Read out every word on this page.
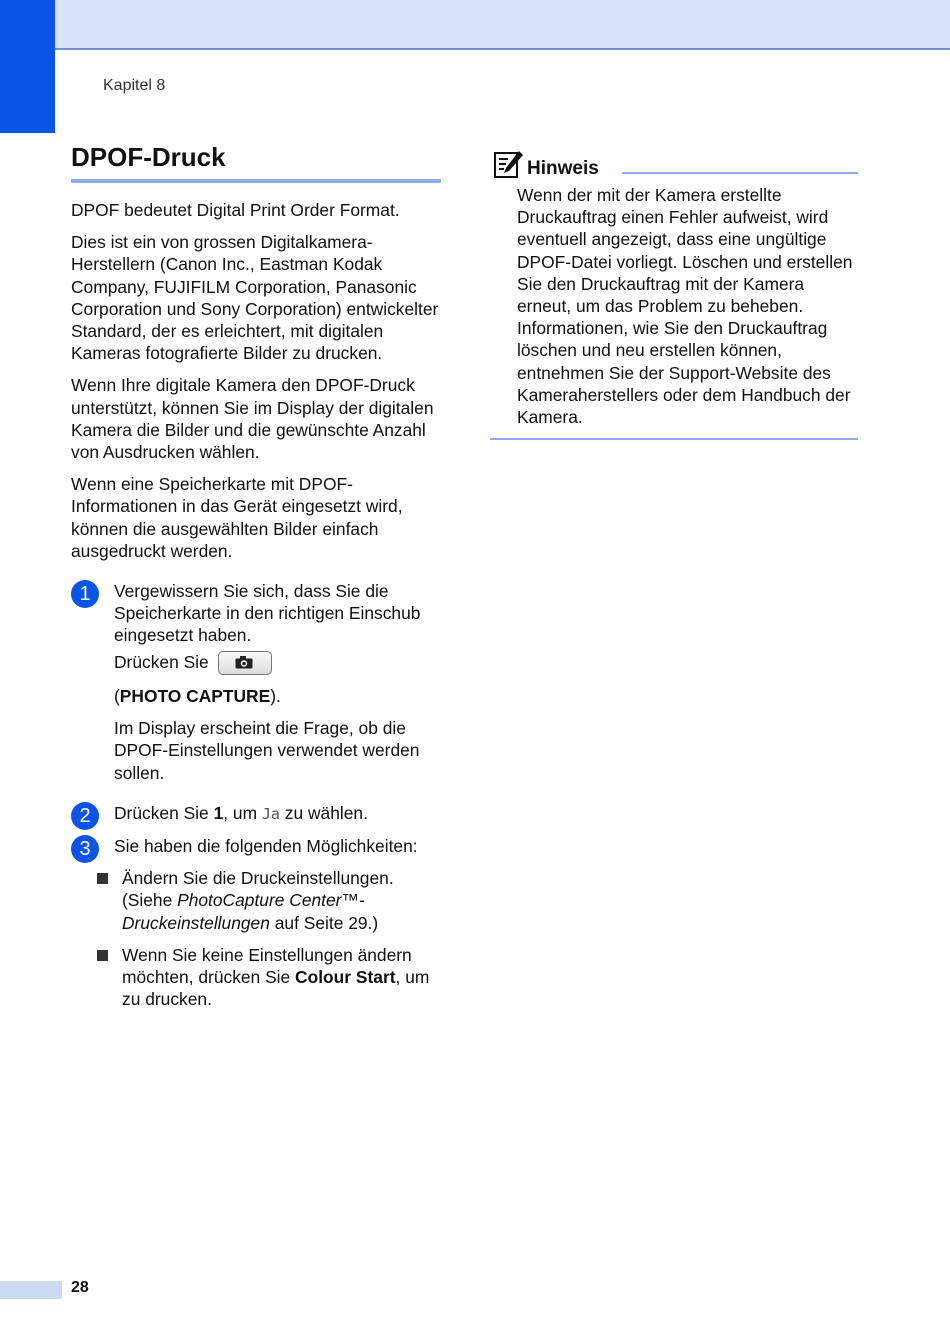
Kapitel 8
DPOF-Druck

DPOF bedeutet Digital Print Order Format.

Dies ist ein von grossen Digitalkamera-Herstellern (Canon Inc., Eastman Kodak Company, FUJIFILM Corporation, Panasonic Corporation und Sony Corporation) entwickelter Standard, der es erleichtert, mit digitalen Kameras fotografierte Bilder zu drucken.

Wenn Ihre digitale Kamera den DPOF-Druck unterstützt, können Sie im Display der digitalen Kamera die Bilder und die gewünschte Anzahl von Ausdrucken wählen.

Wenn eine Speicherkarte mit DPOF-Informationen in das Gerät eingesetzt wird, können die ausgewählten Bilder einfach ausgedruckt werden.

1	Vergewissern Sie sich, dass Sie die Speicherkarte in den richtigen Einschub eingesetzt haben.

Drücken Sie

(PHOTO CAPTURE).

Im Display erscheint die Frage, ob die DPOF-Einstellungen verwendet werden sollen.

2	Drücken Sie 1, um Ja zu wählen.

3	Sie haben die folgenden Möglichkeiten:

Ändern Sie die Druckeinstellungen. (Siehe PhotoCapture Center™-Druckeinstellungen auf Seite 29.)
Wenn Sie keine Einstellungen ändern möchten, drücken Sie Colour Start, um zu drucken.
Hinweis

Wenn der mit der Kamera erstellte Druckauftrag einen Fehler aufweist, wird eventuell angezeigt, dass eine ungültige DPOF-Datei vorliegt. Löschen und erstellen Sie den Druckauftrag mit der Kamera erneut, um das Problem zu beheben. Informationen, wie Sie den Druckauftrag löschen und neu erstellen können, entnehmen Sie der Support-Website des Kameraherstellers oder dem Handbuch der Kamera.

28
